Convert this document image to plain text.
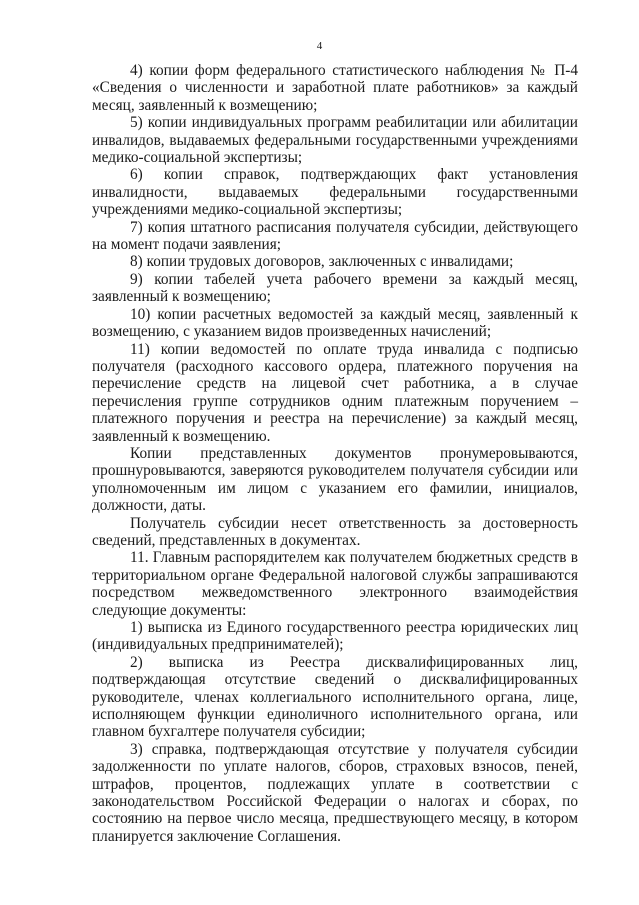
4

4) копии форм федерального статистического наблюдения № П-4 «Сведения о численности и заработной плате работников» за каждый месяц, заявленный к возмещению;

5) копии индивидуальных программ реабилитации или абилитации инвалидов, выдаваемых федеральными государственными учреждениями медико-социальной экспертизы;

6) копии справок, подтверждающих факт установления инвалидности, выдаваемых федеральными государственными учреждениями медико-социальной экспертизы;

7) копия штатного расписания получателя субсидии, действующего на момент подачи заявления;

8) копии трудовых договоров, заключенных с инвалидами;

9) копии табелей учета рабочего времени за каждый месяц, заявленный к возмещению;

10) копии расчетных ведомостей за каждый месяц, заявленный к возмещению, с указанием видов произведенных начислений;

11) копии ведомостей по оплате труда инвалида с подписью получателя (расходного кассового ордера, платежного поручения на перечисление средств на лицевой счет работника, а в случае перечисления группе сотрудников одним платежным поручением – платежного поручения и реестра на перечисление) за каждый месяц, заявленный к возмещению.

Копии представленных документов пронумеровываются, прошнуровываются, заверяются руководителем получателя субсидии или уполномоченным им лицом с указанием его фамилии, инициалов, должности, даты.

Получатель субсидии несет ответственность за достоверность сведений, представленных в документах.

11. Главным распорядителем как получателем бюджетных средств в территориальном органе Федеральной налоговой службы запрашиваются посредством межведомственного электронного взаимодействия следующие документы:

1) выписка из Единого государственного реестра юридических лиц (индивидуальных предпринимателей);

2) выписка из Реестра дисквалифицированных лиц, подтверждающая отсутствие сведений о дисквалифицированных руководителе, членах коллегиального исполнительного органа, лице, исполняющем функции единоличного исполнительного органа, или главном бухгалтере получателя субсидии;

3) справка, подтверждающая отсутствие у получателя субсидии задолженности по уплате налогов, сборов, страховых взносов, пеней, штрафов, процентов, подлежащих уплате в соответствии с законодательством Российской Федерации о налогах и сборах, по состоянию на первое число месяца, предшествующего месяцу, в котором планируется заключение Соглашения.
